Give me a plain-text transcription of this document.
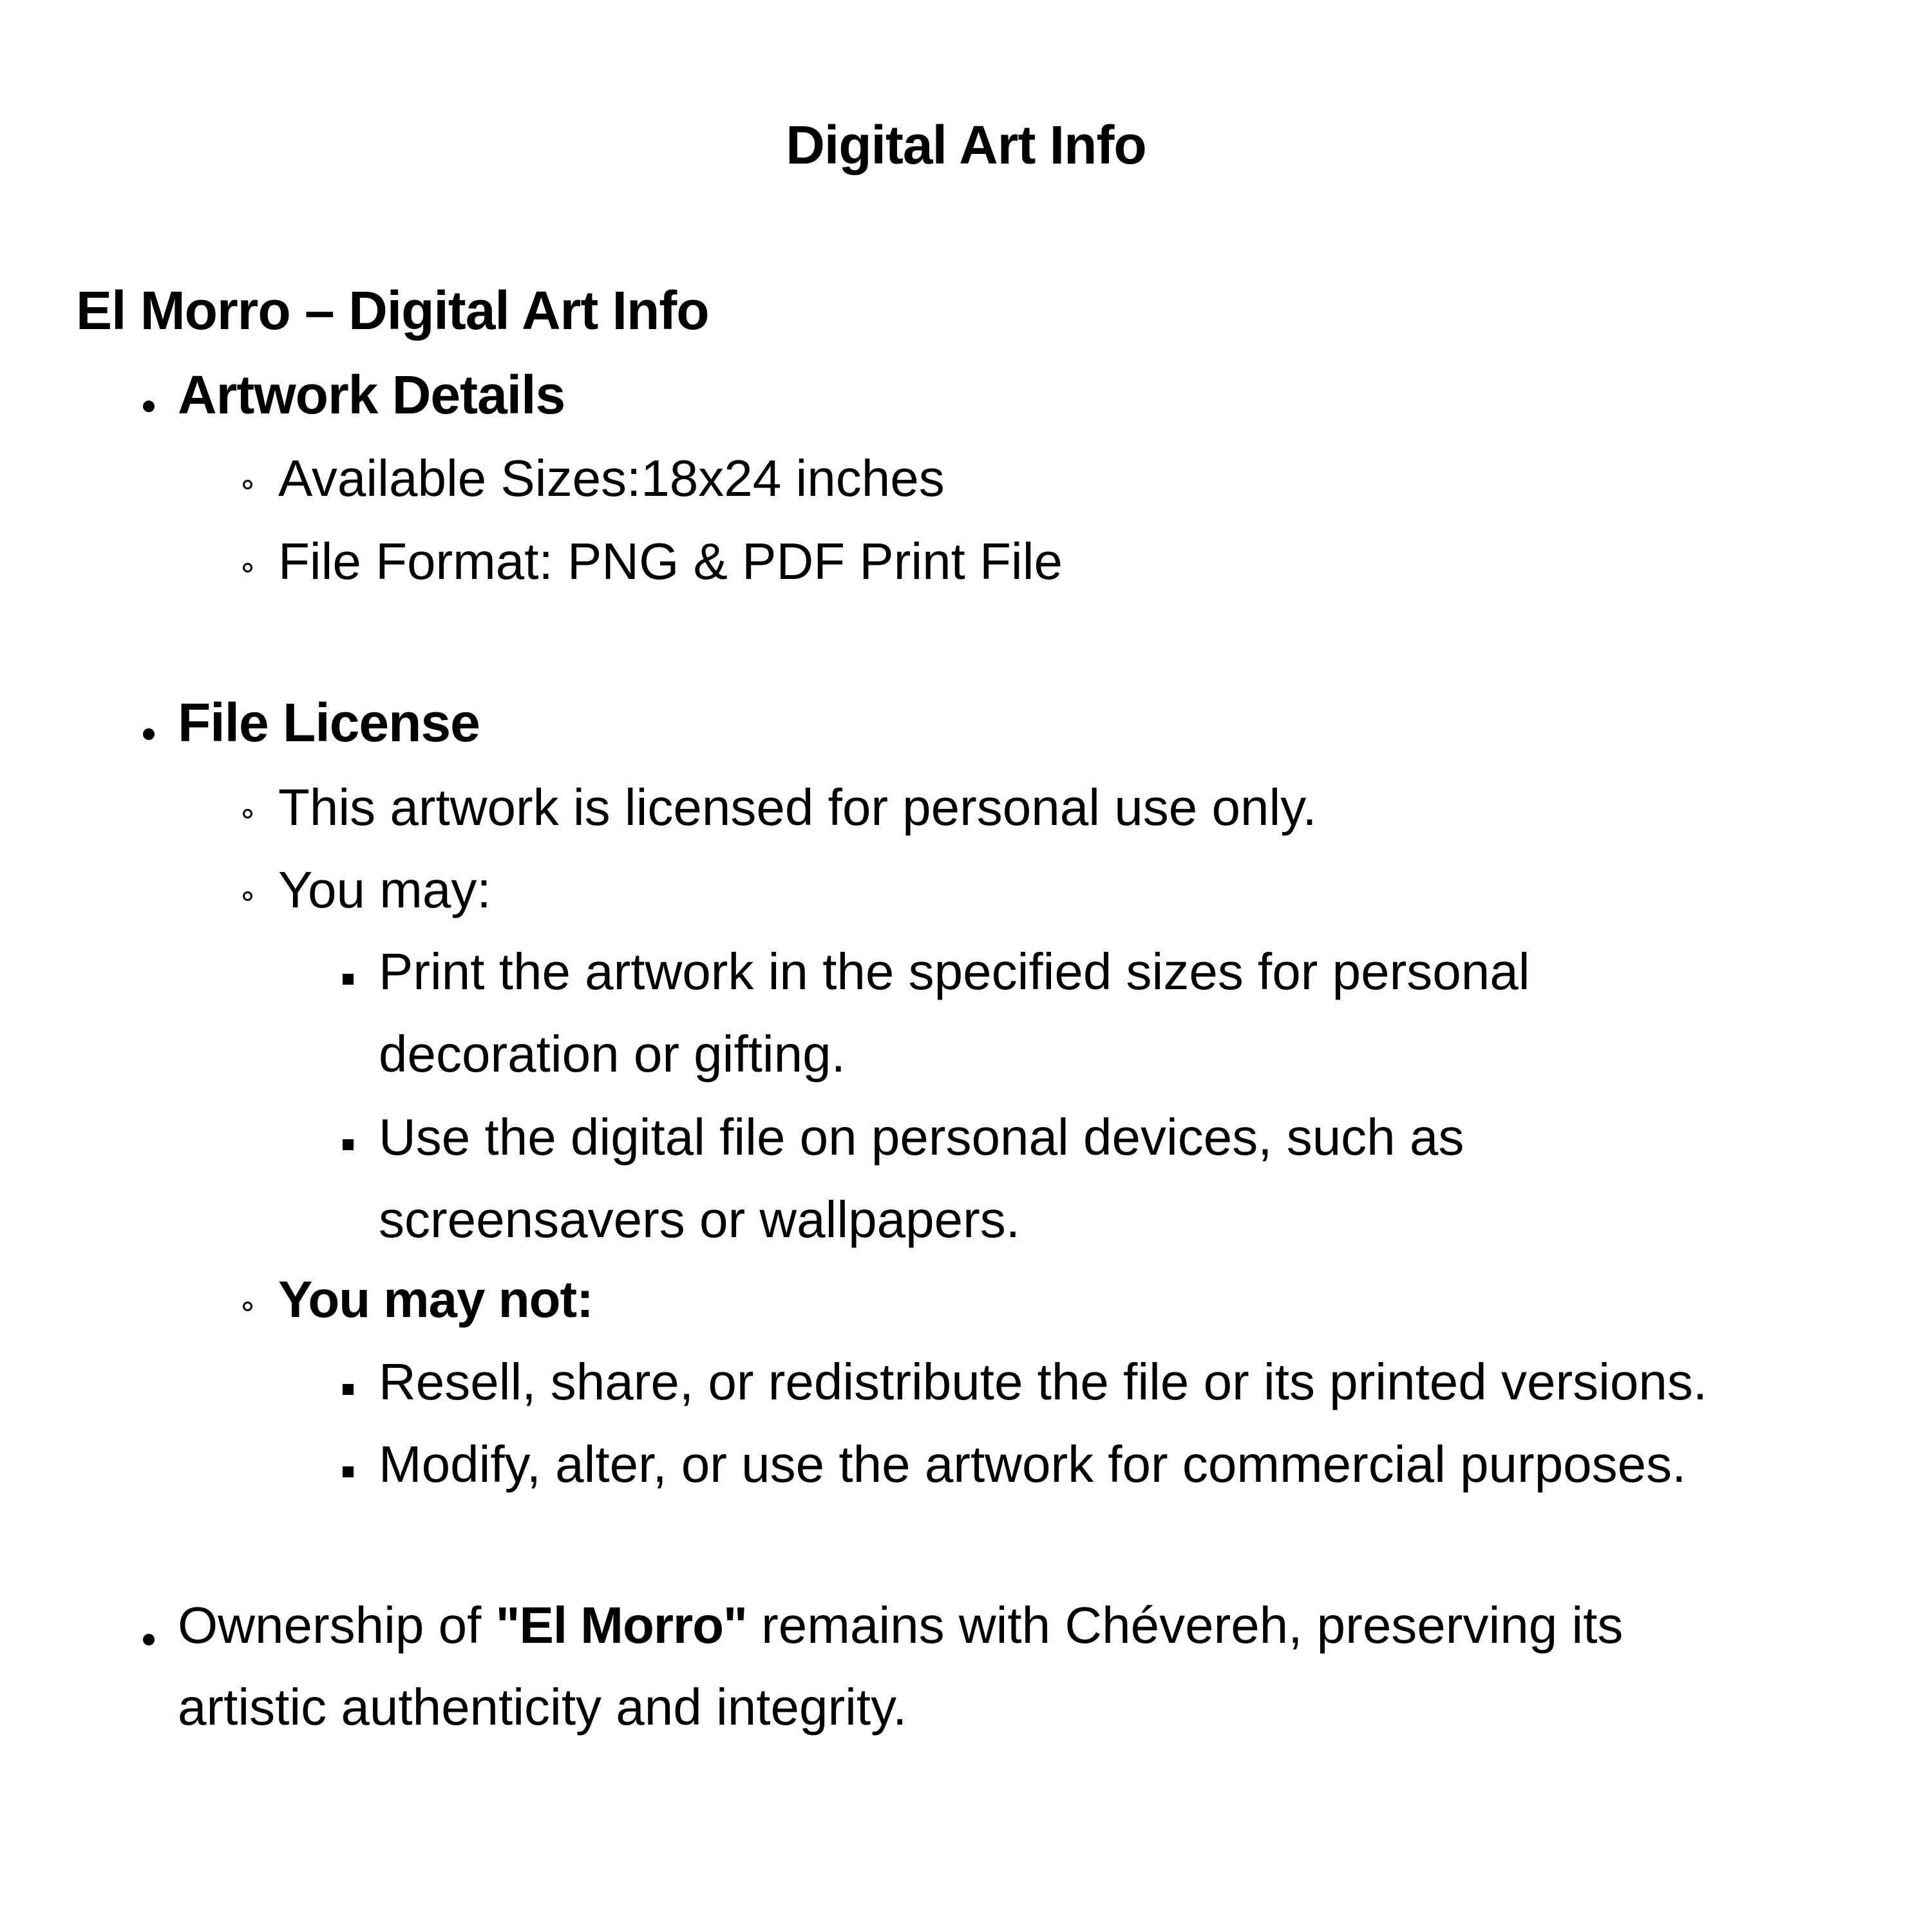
Digital Art Info
El Morro – Digital Art Info
Artwork Details
Available Sizes:18x24 inches
File Format: PNG & PDF Print File
File License
This artwork is licensed for personal use only.
You may:
Print the artwork in the specified sizes for personal
decoration or gifting.
Use the digital file on personal devices, such as
screensavers or wallpapers.
You may not:
Resell, share, or redistribute the file or its printed versions.
Modify, alter, or use the artwork for commercial purposes.
Ownership of "El Morro" remains with Chévereh, preserving its
artistic authenticity and integrity.
